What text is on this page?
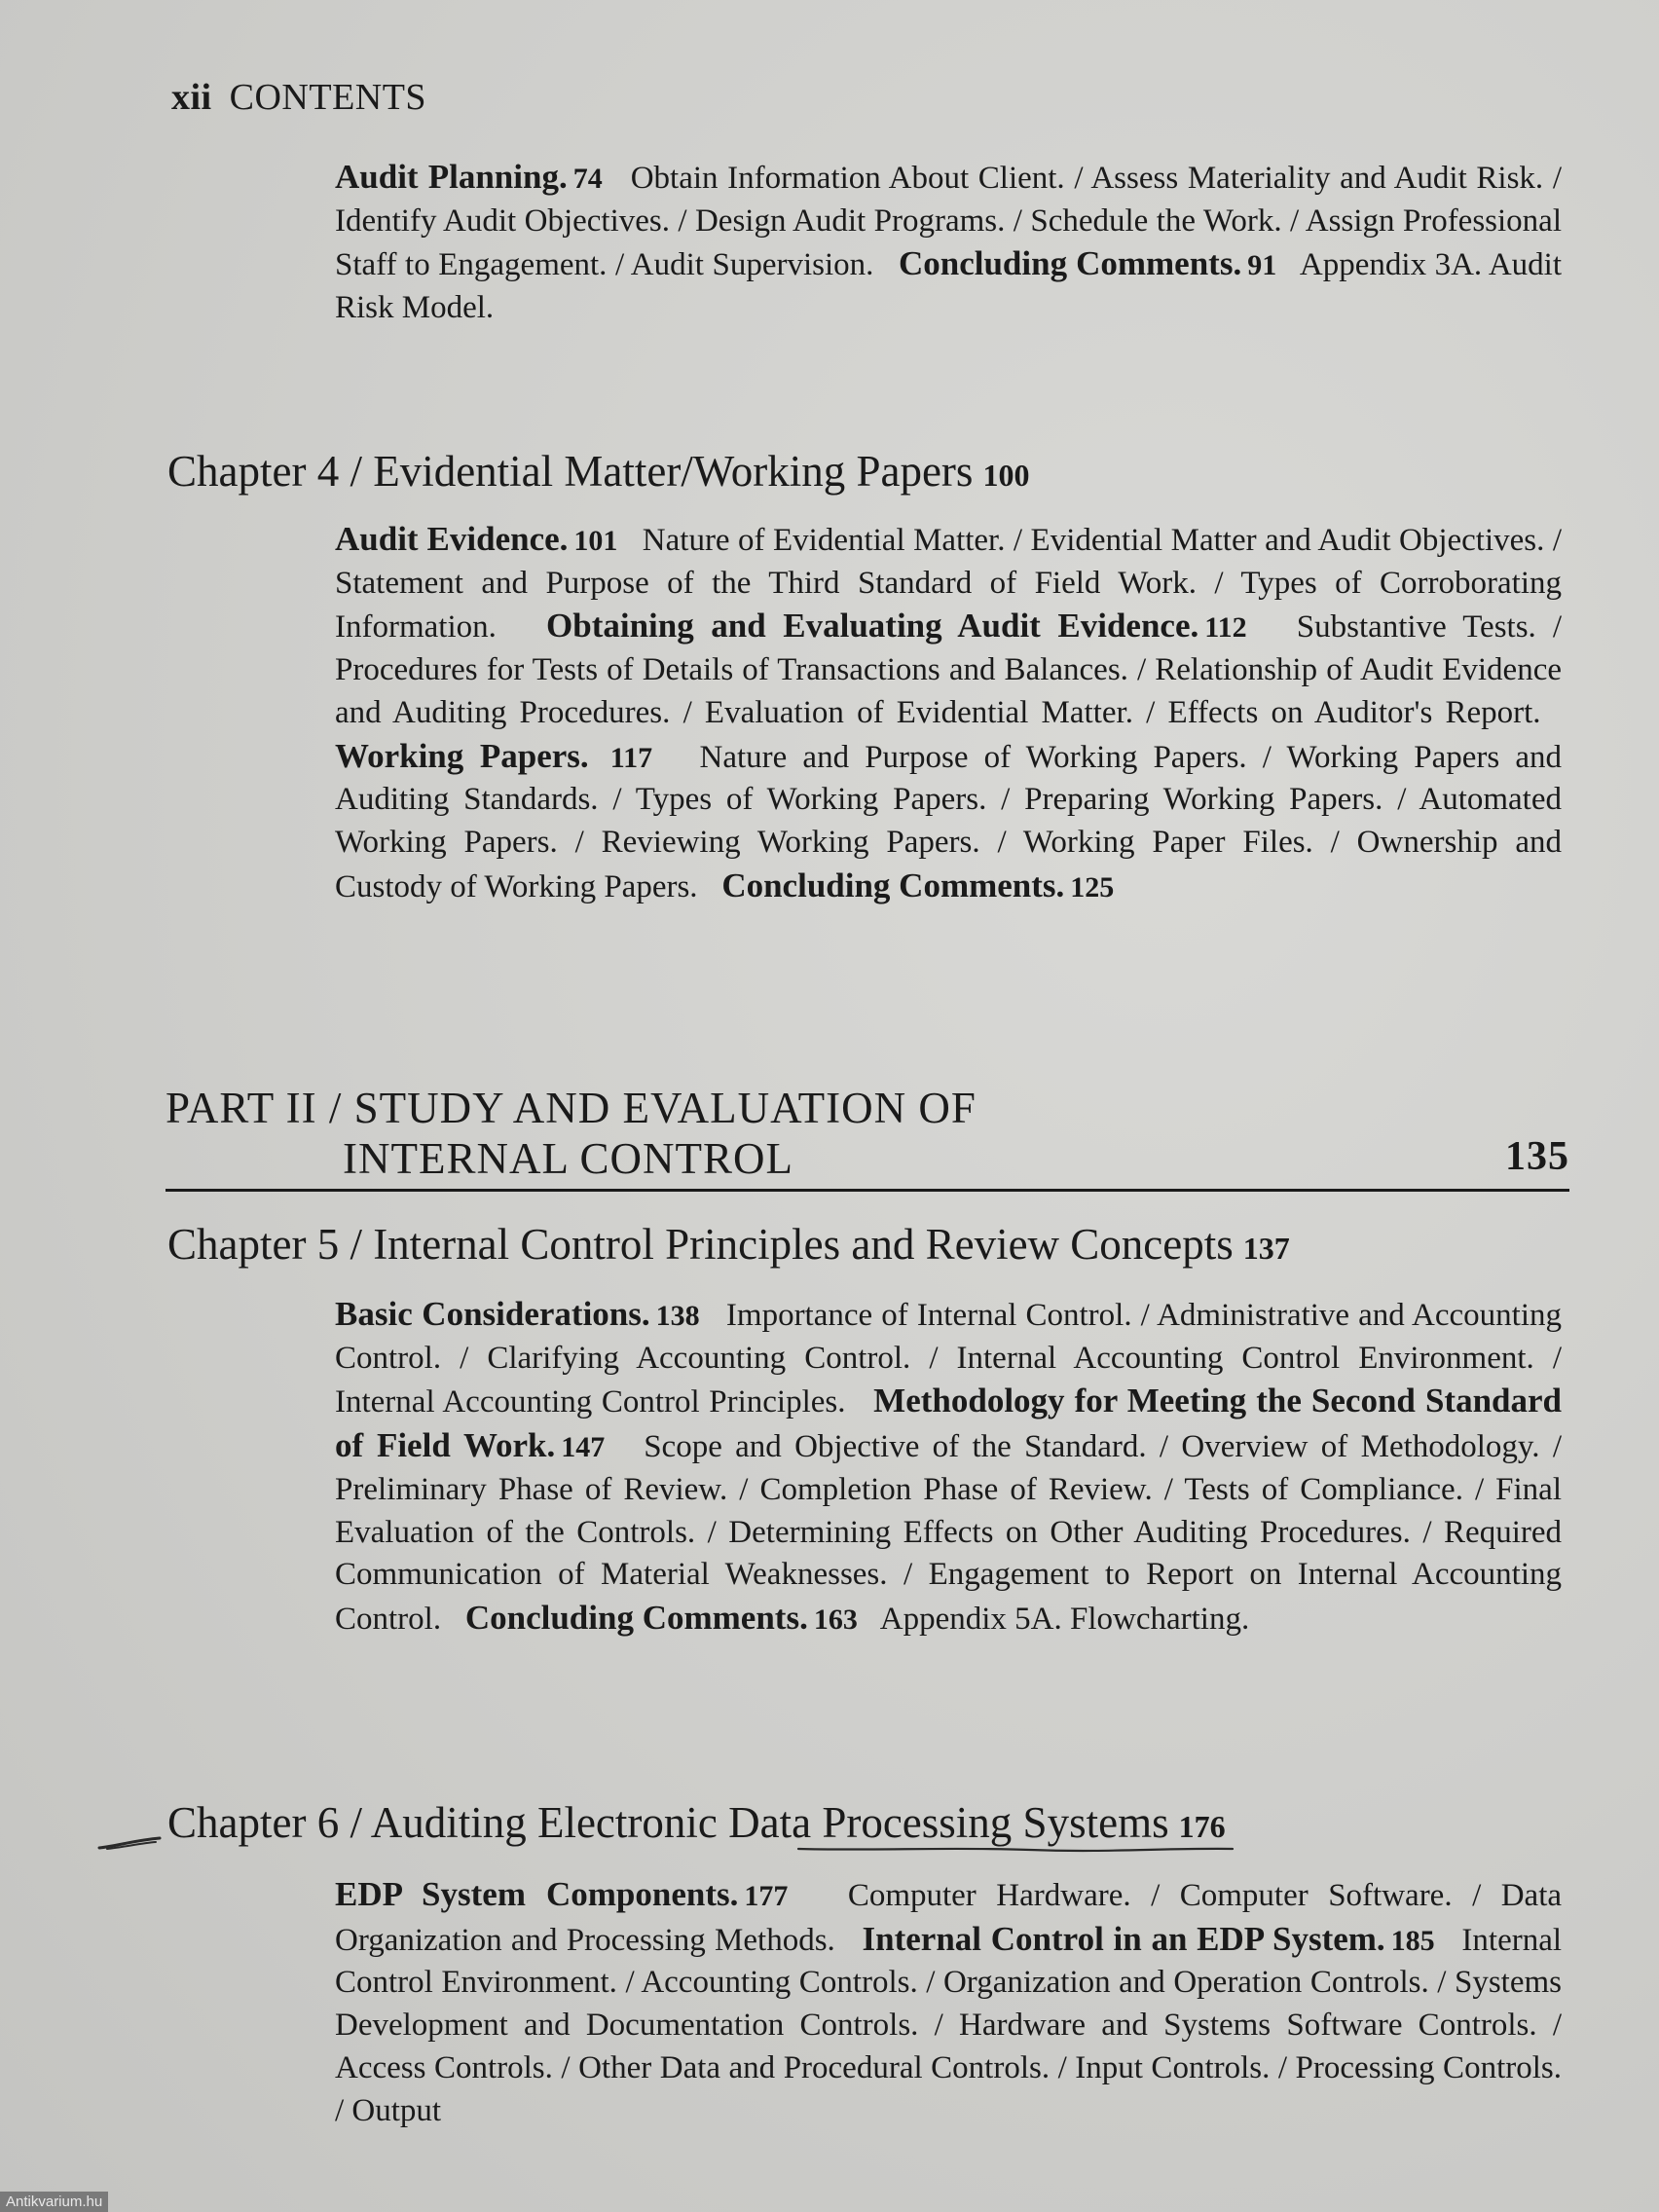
xii CONTENTS
Audit Planning. 74 Obtain Information About Client. / Assess Materiality and Audit Risk. / Identify Audit Objectives. / Design Audit Programs. / Schedule the Work. / Assign Professional Staff to Engagement. / Audit Supervision. Concluding Comments. 91 Appendix 3A. Audit Risk Model.
Chapter 4 / Evidential Matter/Working Papers 100
Audit Evidence. 101 Nature of Evidential Matter. / Evidential Matter and Audit Objectives. / Statement and Purpose of the Third Standard of Field Work. / Types of Corroborating Information. Obtaining and Evaluating Audit Evidence. 112 Substantive Tests. / Procedures for Tests of Details of Transactions and Balances. / Relationship of Audit Evidence and Auditing Procedures. / Evaluation of Evidential Matter. / Effects on Auditor's Report.   Working Papers. 117 Nature and Purpose of Working Papers. / Working Papers and Auditing Standards. / Types of Working Papers. / Preparing Working Papers. / Automated Working Papers. / Reviewing Working Papers. / Working Paper Files. / Ownership and Custody of Working Papers. Concluding Comments. 125
PART II / STUDY AND EVALUATION OF
INTERNAL CONTROL	135
Chapter 5 / Internal Control Principles and Review Concepts 137
Basic Considerations. 138 Importance of Internal Control. / Administrative and Accounting Control. / Clarifying Accounting Control. / Internal Accounting Control Environment. / Internal Accounting Control Principles. Methodology for Meeting the Second Standard of Field Work. 147 Scope and Objective of the Standard. / Overview of Methodology. / Preliminary Phase of Review. / Completion Phase of Review. / Tests of Compliance. / Final Evaluation of the Controls. / Determining Effects on Other Auditing Procedures. / Required Communication of Material Weaknesses. / Engagement to Report on Internal Accounting Control. Concluding Comments. 163 Appendix 5A. Flowcharting.
Chapter 6 / Auditing Electronic Data Processing Systems 176
EDP System Components. 177 Computer Hardware. / Computer Software. / Data Organization and Processing Methods. Internal Control in an EDP System. 185 Internal Control Environment. / Accounting Controls. / Organization and Operation Controls. / Systems Development and Documentation Controls. / Hardware and Systems Software Controls. / Access Controls. / Other Data and Procedural Controls. / Input Controls. / Processing Controls. / Output
Antikvarium.hu
